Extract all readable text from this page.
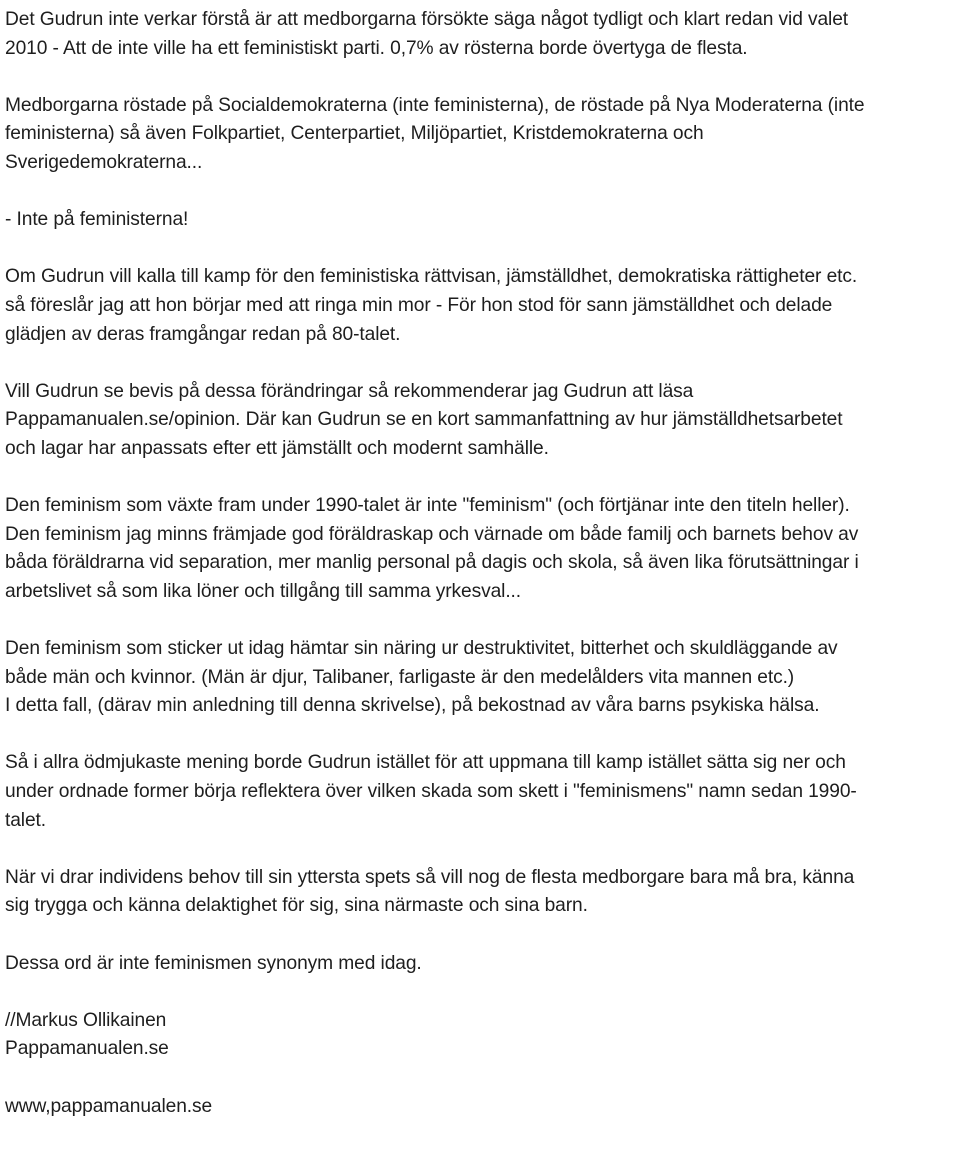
Det Gudrun inte verkar förstå är att medborgarna försökte säga något tydligt och klart redan vid valet
2010 - Att de inte ville ha ett feministiskt parti. 0,7% av rösterna borde övertyga de flesta.

Medborgarna röstade på Socialdemokraterna (inte feministerna), de röstade på Nya Moderaterna (inte
feministerna) så även Folkpartiet, Centerpartiet, Miljöpartiet, Kristdemokraterna och
Sverigedemokraterna...

- Inte på feministerna!

Om Gudrun vill kalla till kamp för den feministiska rättvisan, jämställdhet, demokratiska rättigheter etc.
så föreslår jag att hon börjar med att ringa min mor - För hon stod för sann jämställdhet och delade
glädjen av deras framgångar redan på 80-talet.

Vill Gudrun se bevis på dessa förändringar så rekommenderar jag Gudrun att läsa
Pappamanualen.se/opinion. Där kan Gudrun se en kort sammanfattning av hur jämställdhetsarbetet
och lagar har anpassats efter ett jämställt och modernt samhälle.

Den feminism som växte fram under 1990-talet är inte "feminism" (och förtjänar inte den titeln heller).
Den feminism jag minns främjade god föräldraskap och värnade om både familj och barnets behov av
båda föräldrarna vid separation, mer manlig personal på dagis och skola, så även lika förutsättningar i
arbetslivet så som lika löner och tillgång till samma yrkesval...

Den feminism som sticker ut idag hämtar sin näring ur destruktivitet, bitterhet och skuldläggande av
både män och kvinnor. (Män är djur, Talibaner, farligaste är den medelålders vita mannen etc.)
I detta fall, (därav min anledning till denna skrivelse), på bekostnad av våra barns psykiska hälsa.

Så i allra ödmjukaste mening borde Gudrun istället för att uppmana till kamp istället sätta sig ner och
under ordnade former börja reflektera över vilken skada som skett i "feminismens" namn sedan 1990-
talet.

När vi drar individens behov till sin yttersta spets så vill nog de flesta medborgare bara må bra, känna
sig trygga och känna delaktighet för sig, sina närmaste och sina barn.

Dessa ord är inte feminismen synonym med idag.

//Markus Ollikainen
Pappamanualen.se

www,pappamanualen.se
